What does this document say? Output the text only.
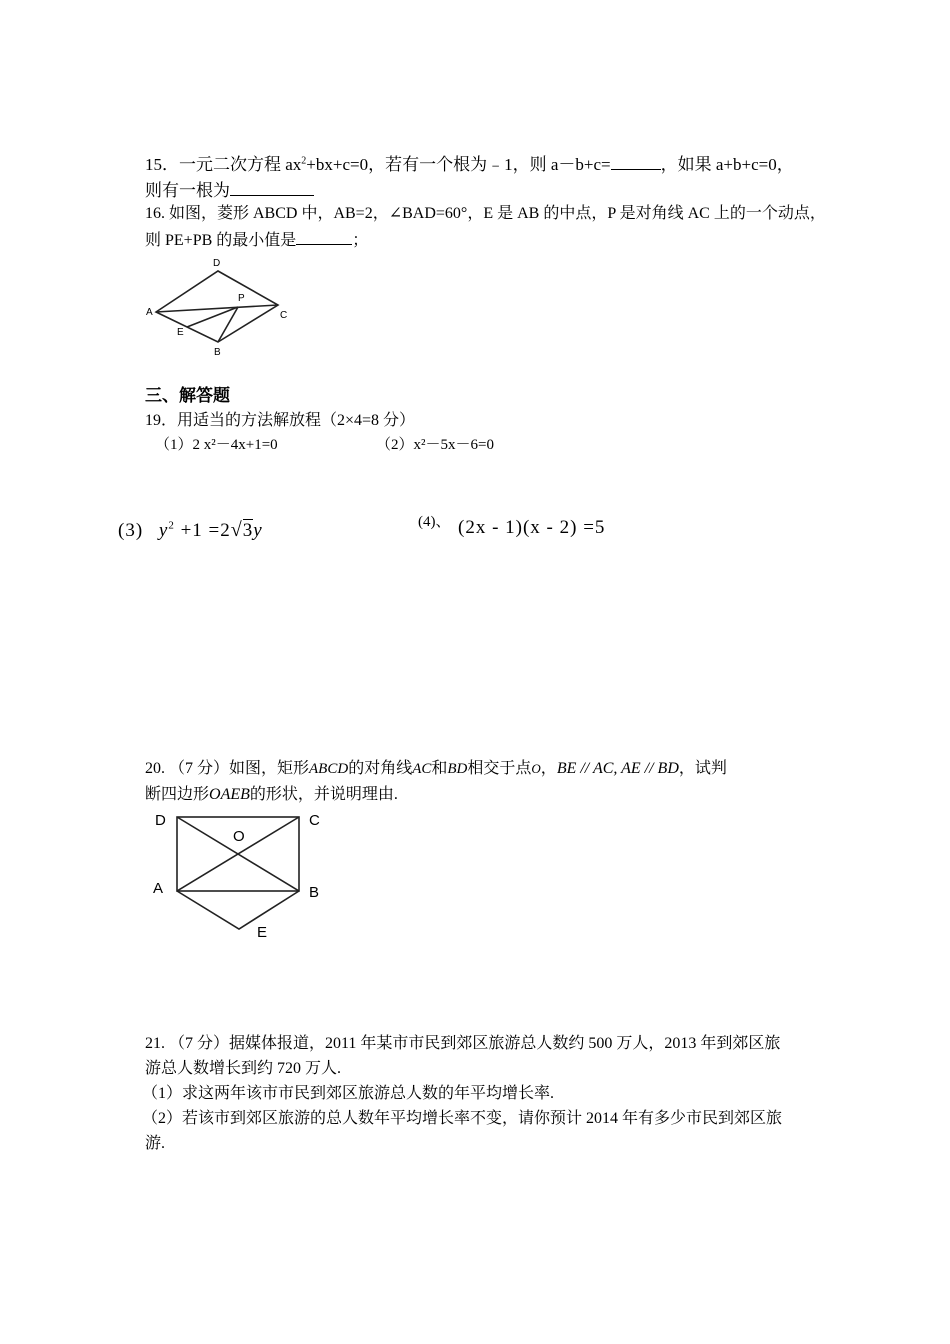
15．一元二次方程 $ax^2+bx+c=0$，若有一个根为﹣1，则 a－b+c=	，如果 a+b+c=0，
则有一根为
16. 如图，菱形 ABCD 中，AB=2，∠BAD=60°，E 是 AB 的中点，P 是对角线 AC 上的一个动点，
则 PE+PB 的最小值是	；
D
A
P
C
E
B
三、解答题
19．用适当的方法解放程（2×4=8 分）
（1）2 x²－4x+1=0	（2）x²－5x－6=0
(3) $y^2 +1 =2√3y$	(4)、 (2x - 1)(x - 2) =5
20. （7 分）如图，矩形ABCD的对角线AC和BD相交于点O，BE // AC, AE // BD，试判
断四边形OAEB的形状，并说明理由.
D	C
O
A	B
E
21. （7 分）据媒体报道，2011 年某市市民到郊区旅游总人数约 500 万人，2013 年到郊区旅
游总人数增长到约 720 万人.
（1）求这两年该市市民到郊区旅游总人数的年平均增长率.
（2）若该市到郊区旅游的总人数年平均增长率不变，请你预计 2014 年有多少市民到郊区旅
游.
